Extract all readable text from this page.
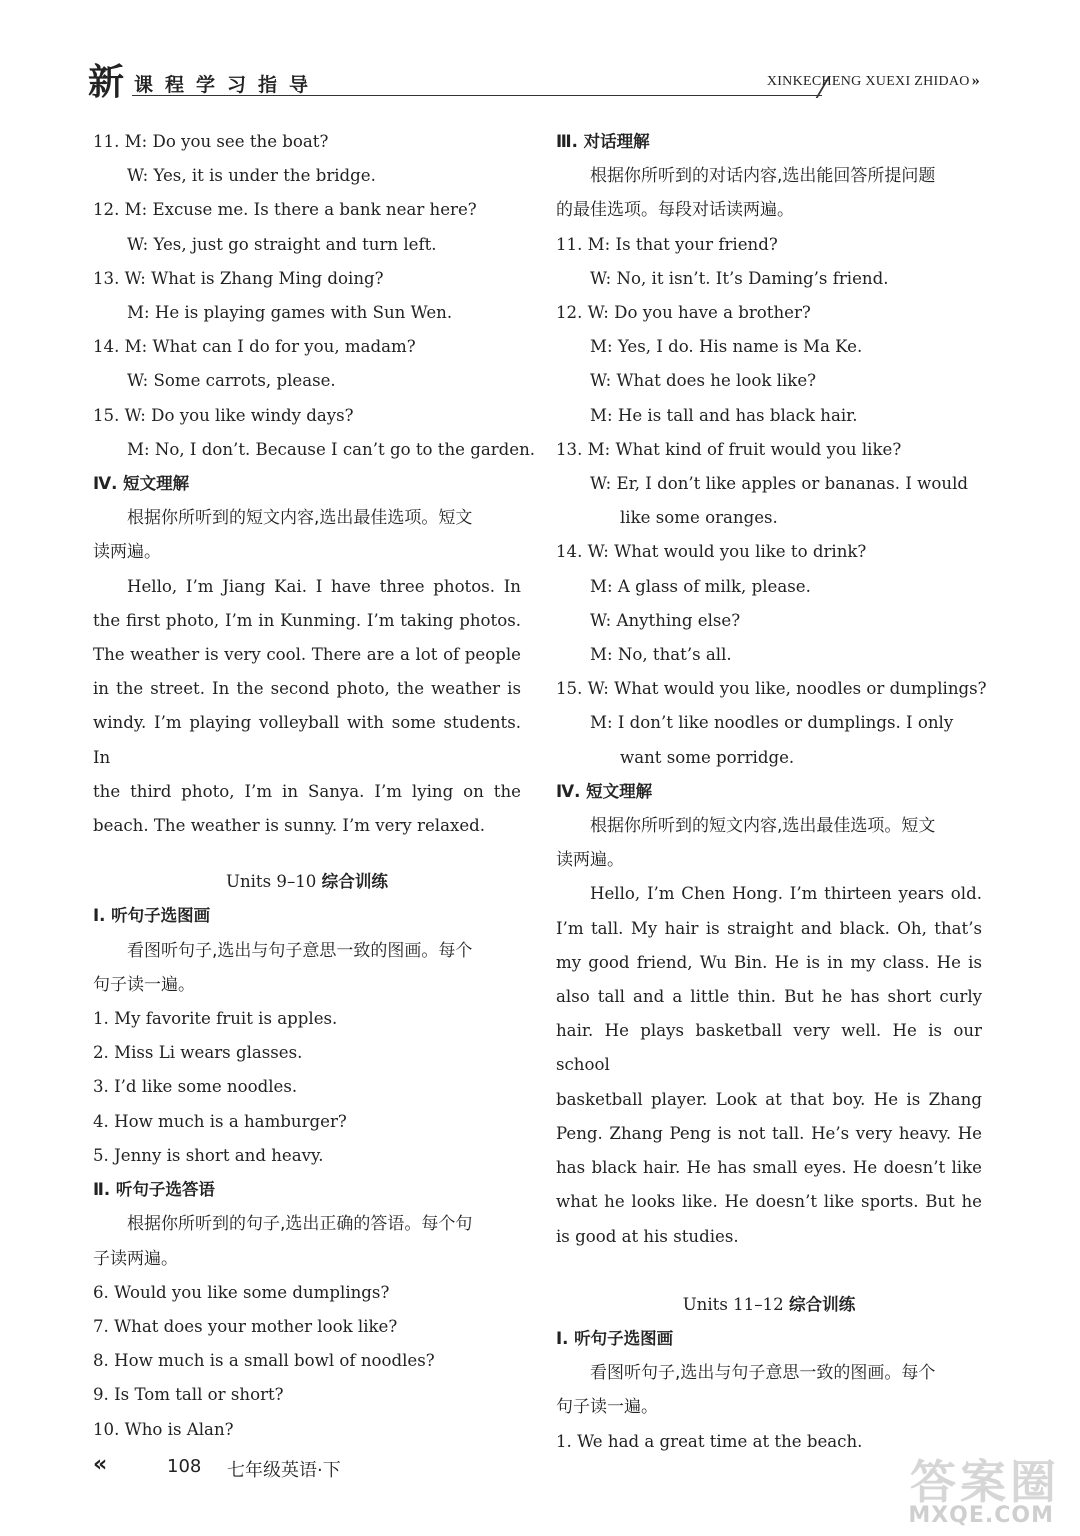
新 课程学习指导	XINKECHENG XUEXI ZHIDAO »
11. M: Do you see the boat?
W: Yes, it is under the bridge.
12. M: Excuse me. Is there a bank near here?
W: Yes, just go straight and turn left.
13. W: What is Zhang Ming doing?
M: He is playing games with Sun Wen.
14. M: What can I do for you, madam?
W: Some carrots, please.
15. W: Do you like windy days?
M: No, I don’t. Because I can’t go to the garden.
Ⅳ. 短文理解
根据你所听到的短文内容,选出最佳选项。短文
读两遍。
Hello, I’m Jiang Kai. I have three photos. In
the first photo, I’m in Kunming. I’m taking photos.
The weather is very cool. There are a lot of people
in the street. In the second photo, the weather is
windy. I’m playing volleyball with some students. In
the third photo, I’m in Sanya. I’m lying on the
beach. The weather is sunny. I’m very relaxed.
Units 9–10 综合训练
Ⅰ. 听句子选图画
看图听句子,选出与句子意思一致的图画。每个
句子读一遍。
1. My favorite fruit is apples.
2. Miss Li wears glasses.
3. I’d like some noodles.
4. How much is a hamburger?
5. Jenny is short and heavy.
Ⅱ. 听句子选答语
根据你所听到的句子,选出正确的答语。每个句
子读两遍。
6. Would you like some dumplings?
7. What does your mother look like?
8. How much is a small bowl of noodles?
9. Is Tom tall or short?
10. Who is Alan?
Ⅲ. 对话理解
根据你所听到的对话内容,选出能回答所提问题
的最佳选项。每段对话读两遍。
11. M: Is that your friend?
W: No, it isn’t. It’s Daming’s friend.
12. W: Do you have a brother?
M: Yes, I do. His name is Ma Ke.
W: What does he look like?
M: He is tall and has black hair.
13. M: What kind of fruit would you like?
W: Er, I don’t like apples or bananas. I would
like some oranges.
14. W: What would you like to drink?
M: A glass of milk, please.
W: Anything else?
M: No, that’s all.
15. W: What would you like, noodles or dumplings?
M: I don’t like noodles or dumplings. I only
want some porridge.
Ⅳ. 短文理解
根据你所听到的短文内容,选出最佳选项。短文
读两遍。
Hello, I’m Chen Hong. I’m thirteen years old.
I’m tall. My hair is straight and black. Oh, that’s
my good friend, Wu Bin. He is in my class. He is
also tall and a little thin. But he has short curly
hair. He plays basketball very well. He is our school
basketball player. Look at that boy. He is Zhang
Peng. Zhang Peng is not tall. He’s very heavy. He
has black hair. He has small eyes. He doesn’t like
what he looks like. He doesn’t like sports. But he
is good at his studies.
Units 11–12 综合训练
Ⅰ. 听句子选图画
看图听句子,选出与句子意思一致的图画。每个
句子读一遍。
1. We had a great time at the beach.
«	108 七年级英语·下	答案圈
MXQE.COM
